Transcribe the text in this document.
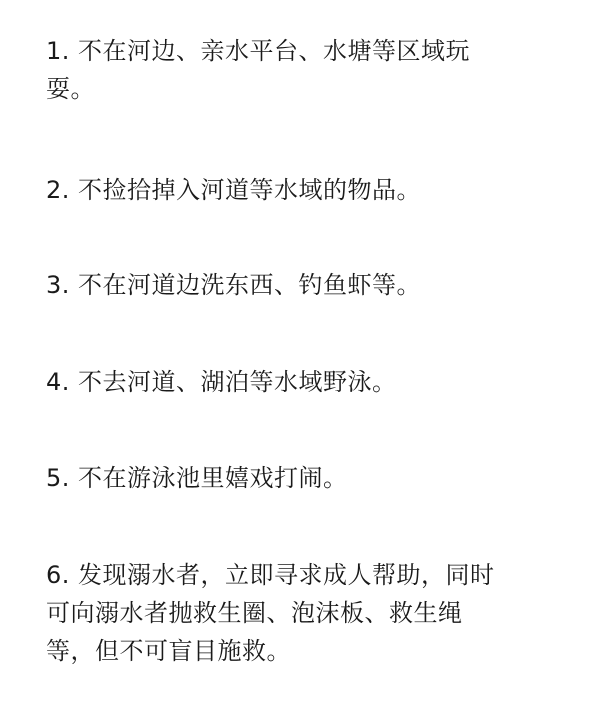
1. 不在河边、亲水平台、水塘等区域玩
耍。

2. 不捡拾掉入河道等水域的物品。

3. 不在河道边洗东西、钓鱼虾等。

4. 不去河道、湖泊等水域野泳。

5. 不在游泳池里嬉戏打闹。

6. 发现溺水者，立即寻求成人帮助，同时
可向溺水者抛救生圈、泡沫板、救生绳
等，但不可盲目施救。
